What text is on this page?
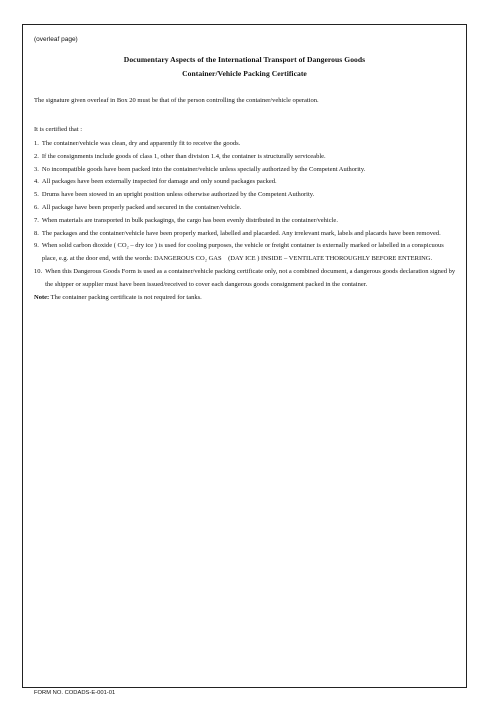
(overleaf page)
Documentary Aspects of the International Transport of Dangerous Goods
Container/Vehicle Packing Certificate
The signature given overleaf in Box 20 must be that of the person controlling the container/vehicle operation.
It is certified that :
1. The container/vehicle was clean, dry and apparently fit to receive the goods.
2. If the consignments include goods of class 1, other than division 1.4, the container is structurally serviceable.
3. No incompatible goods have been packed into the container/vehicle unless specially authorized by the Competent Authority.
4. All packages have been externally inspected for damage and only sound packages packed.
5. Drums have been stowed in an upright position unless otherwise authorized by the Competent Authority.
6. All package have been properly packed and secured in the container/vehicle.
7. When materials are transported in bulk packagings, the cargo has been evenly distributed in the container/vehicle.
8. The packages and the container/vehicle have been properly marked, labelled and placarded. Any irrelevant mark, labels and placards have been removed.
9. When solid carbon dioxide ( CO₂ – dry ice ) is used for cooling purposes, the vehicle or freight container is externally marked or labelled in a conspicuous place, e.g. at the door end, with the words: DANGEROUS CO₂ GAS　(DAY ICE ) INSIDE – VENTILATE THOROUGHLY BEFORE ENTERING.
10. When this Dangerous Goods Form is used as a container/vehicle packing certificate only, not a combined document, a dangerous goods declaration signed by the shipper or supplier must have been issued/received to cover each dangerous goods consignment packed in the container.
Note: The container packing certificate is not required for tanks.
FORM NO. CODADS-E-001-01
